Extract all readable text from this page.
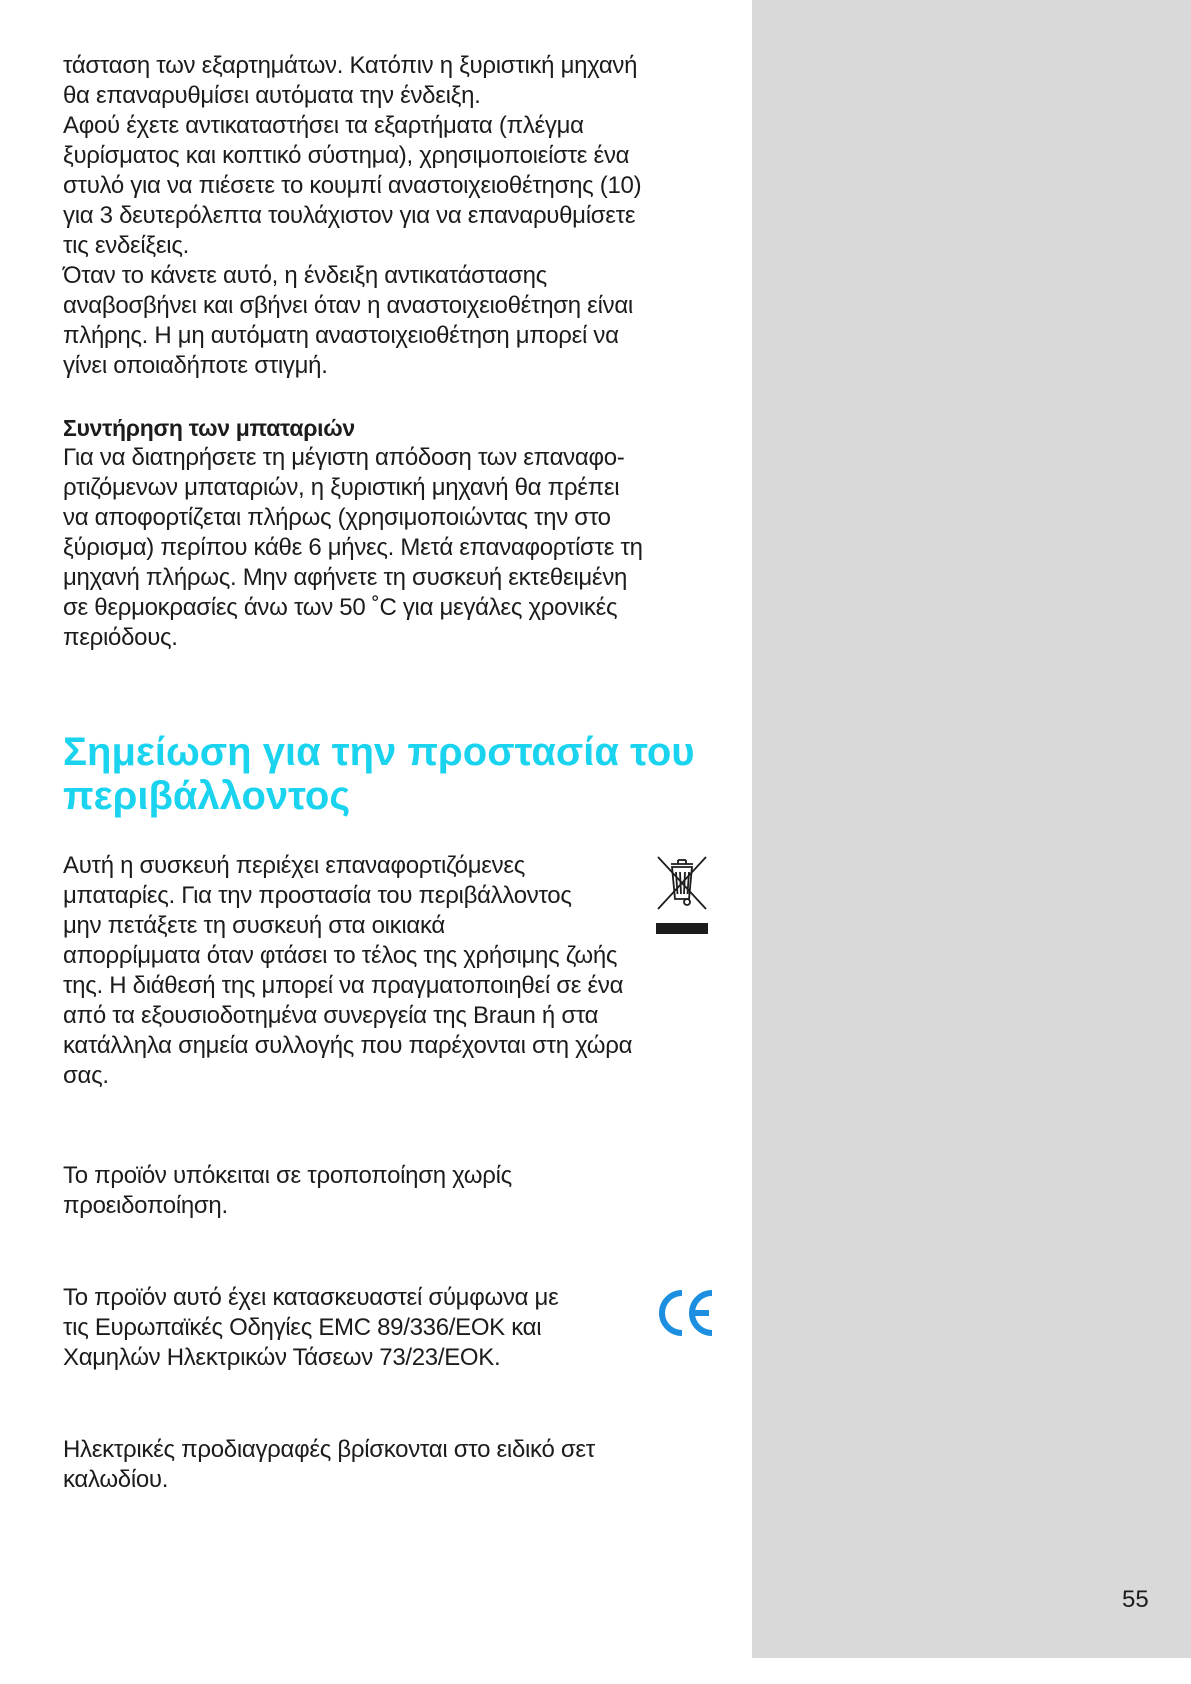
55

τάσταση των εξαρτημάτων. Κατόπιν η ξυριστική μηχανή

θα επαναρυθμίσει αυτόματα την ένδειξη.

Αφού έχετε αντικαταστήσει τα εξαρτήματα (πλέγμα

ξυρίσματος και κοπτικό σύστημα), χρησιμοποιείστε ένα

στυλό για να πιέσετε το κουμπί αναστοιχειοθέτησης (10)

για 3 δευτερόλεπτα τουλάχιστον για να επαναρυθμίσετε

τις ενδείξεις.

Όταν το κάνετε αυτό, η ένδειξη αντικατάστασης

αναβοσβήνει και σβήνει όταν η αναστοιχειοθέτηση είναι

πλήρης. Η μη αυτόματη αναστοιχειοθέτηση μπορεί να

γίνει οποιαδήποτε στιγμή.

Συντήρηση των μπαταριών

Για να διατηρήσετε τη μέγιστη απόδοση των επαναφο-

ρτιζόμενων μπαταριών, η ξυριστική μηχανή θα πρέπει

να αποφορτίζεται πλήρως (χρησιμοποιώντας την στο

ξύρισμα) περίπου κάθε 6 μήνες. Μετά επαναφορτίστε τη

μηχανή πλήρως. Μην αφήνετε τη συσκευή εκτεθειμένη

σε θερμοκρασίες άνω των 50 ˚C για μεγάλες χρονικές

περιόδους.

Σημείωση για την προστασία του
περιβάλλοντος

Αυτή η συσκευή περιέχει επαναφορτιζόμενες

μπαταρίες. Για την προστασία του περιβάλλοντος

μην πετάξετε τη συσκευή στα οικιακά

απορρίμματα όταν φτάσει το τέλος της χρήσιμης ζωής

της. Η διάθεσή της μπορεί να πραγματοποιηθεί σε ένα

από τα εξουσιοδοτημένα συνεργεία της Braun ή στα

κατάλληλα σημεία συλλογής που παρέχονται στη χώρα

σας.

Το προϊόν υπόκειται σε τροποποίηση χωρίς

προειδοποίηση.

Το προϊόν αυτό έχει κατασκευαστεί σύμφωνα με

τις Ευρωπαϊκές Οδηγίες EMC 89/336/EOK και

Χαμηλών Ηλεκτρικών Τάσεων 73/23/EOK.

Ηλεκτρικές προδιαγραφές βρίσκονται στο ειδικό σετ

καλωδίου.
